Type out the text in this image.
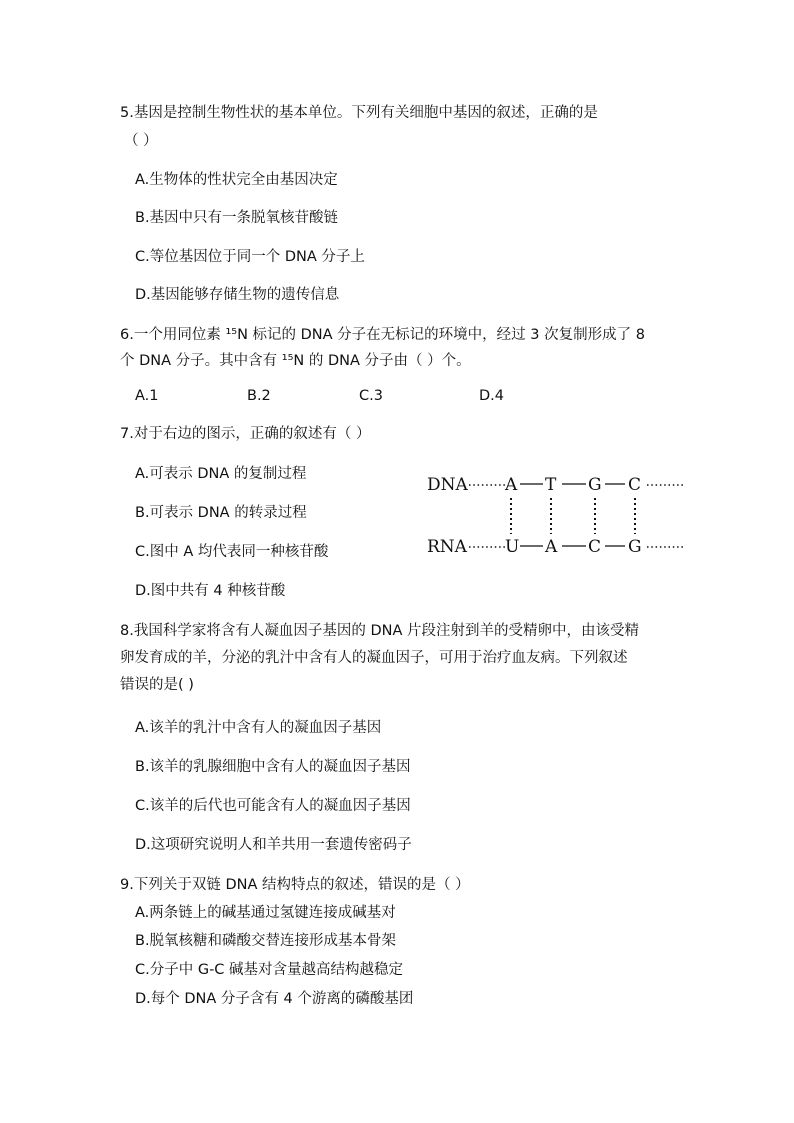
5.基因是控制生物性状的基本单位。下列有关细胞中基因的叙述，正确的是
（ ）
A.生物体的性状完全由基因决定
B.基因中只有一条脱氧核苷酸链
C.等位基因位于同一个 DNA 分子上
D.基因能够存储生物的遗传信息
6.一个用同位素 ¹⁵N 标记的 DNA 分子在无标记的环境中，经过 3 次复制形成了 8
个 DNA 分子。其中含有 ¹⁵N 的 DNA 分子由（ ）个。
A.1	B.2	C.3	D.4
7.对于右边的图示，正确的叙述有（ ）
A.可表示 DNA 的复制过程
B.可表示 DNA 的转录过程
C.图中 A 均代表同一种核苷酸
D.图中共有 4 种核苷酸
DNA A T G C
RNA U A C G
8.我国科学家将含有人凝血因子基因的 DNA 片段注射到羊的受精卵中，由该受精
卵发育成的羊，分泌的乳汁中含有人的凝血因子，可用于治疗血友病。下列叙述
错误的是( )
A.该羊的乳汁中含有人的凝血因子基因
B.该羊的乳腺细胞中含有人的凝血因子基因
C.该羊的后代也可能含有人的凝血因子基因
D.这项研究说明人和羊共用一套遗传密码子
9.下列关于双链 DNA 结构特点的叙述，错误的是（ ）
A.两条链上的碱基通过氢键连接成碱基对
B.脱氧核糖和磷酸交替连接形成基本骨架
C.分子中 G-C 碱基对含量越高结构越稳定
D.每个 DNA 分子含有 4 个游离的磷酸基团
